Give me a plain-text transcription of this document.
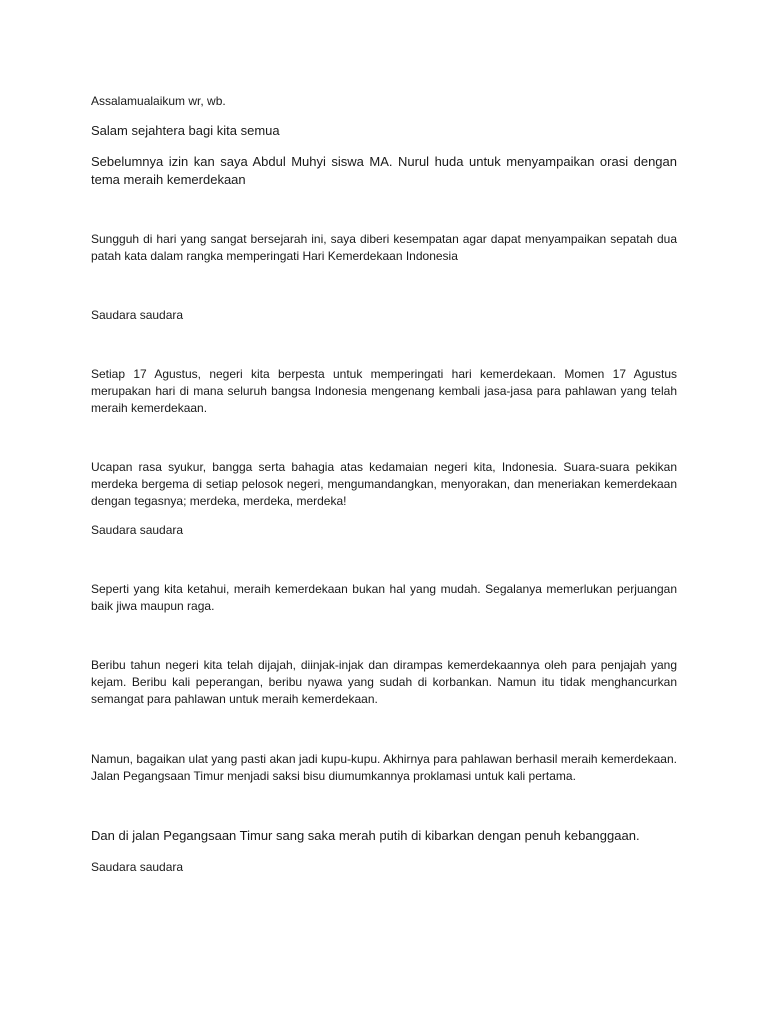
Assalamualaikum wr, wb.

Salam sejahtera bagi kita semua

Sebelumnya izin kan saya Abdul Muhyi siswa MA. Nurul huda untuk menyampaikan orasi dengan tema meraih kemerdekaan

Sungguh di hari yang sangat bersejarah ini, saya diberi kesempatan agar dapat menyampaikan sepatah dua patah kata dalam rangka memperingati Hari Kemerdekaan Indonesia

Saudara saudara

Setiap 17 Agustus, negeri kita berpesta untuk memperingati hari kemerdekaan. Momen 17 Agustus merupakan hari di mana seluruh bangsa Indonesia mengenang kembali jasa-jasa para pahlawan yang telah meraih kemerdekaan.

Ucapan rasa syukur, bangga serta bahagia atas kedamaian negeri kita, Indonesia. Suara-suara pekikan merdeka bergema di setiap pelosok negeri, mengumandangkan, menyorakan, dan meneriakan kemerdekaan dengan tegasnya; merdeka, merdeka, merdeka!

Saudara saudara

Seperti yang kita ketahui, meraih kemerdekaan bukan hal yang mudah. Segalanya memerlukan perjuangan baik jiwa maupun raga.

Beribu tahun negeri kita telah dijajah, diinjak-injak dan dirampas kemerdekaannya oleh para penjajah yang kejam. Beribu kali peperangan, beribu nyawa yang sudah di korbankan. Namun itu tidak menghancurkan semangat para pahlawan untuk meraih kemerdekaan.

Namun, bagaikan ulat yang pasti akan jadi kupu-kupu. Akhirnya para pahlawan berhasil meraih kemerdekaan. Jalan Pegangsaan Timur menjadi saksi bisu diumumkannya proklamasi untuk kali pertama.

Dan di jalan Pegangsaan Timur sang saka merah putih di kibarkan dengan penuh kebanggaan.

Saudara saudara
